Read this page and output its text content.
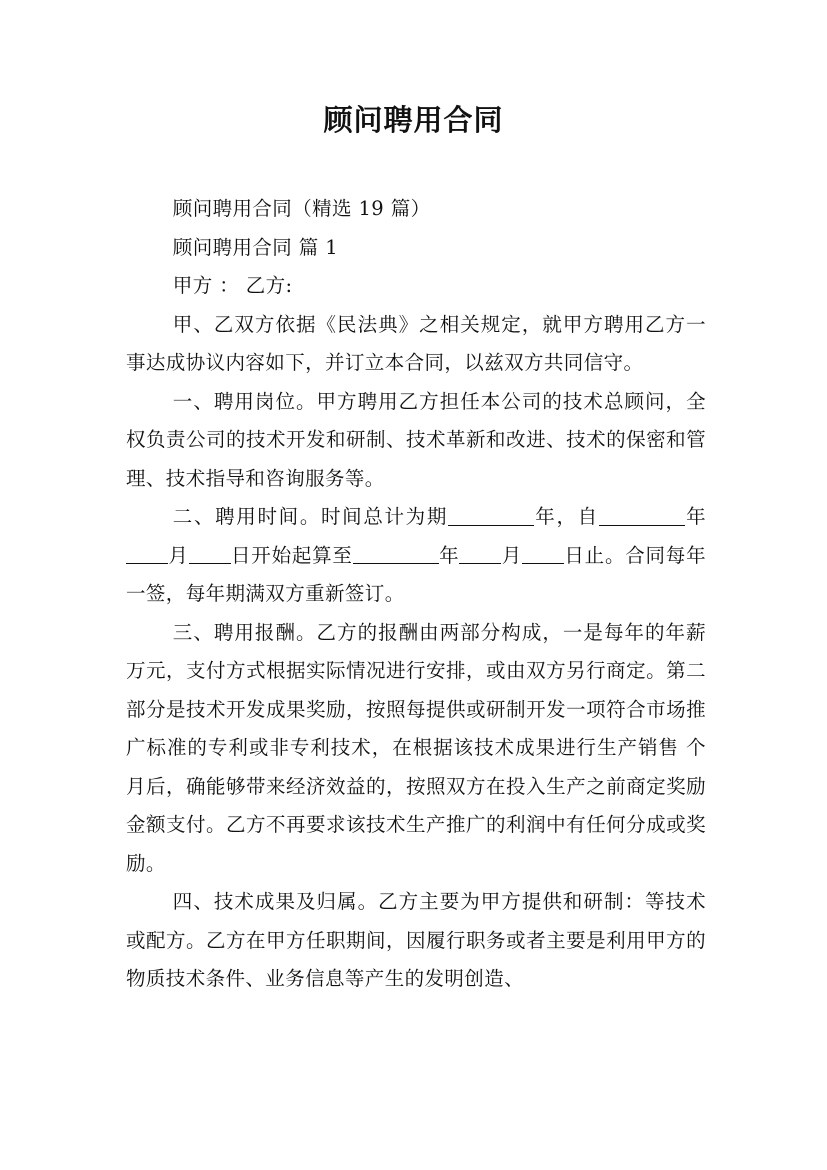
顾问聘用合同

顾问聘用合同（精选 19 篇）

顾问聘用合同 篇 1

甲方 ： 乙方:

甲、乙双方依据《民法典》之相关规定，就甲方聘用乙方一事达成协议内容如下，并订立本合同，以兹双方共同信守。

一、聘用岗位。甲方聘用乙方担任本公司的技术总顾问，全权负责公司的技术开发和研制、技术革新和改进、技术的保密和管理、技术指导和咨询服务等。

二、聘用时间。时间总计为期	年，自	年月 日开始起算至	年 月 日止。合同每年一签，每年期满双方重新签订。

三、聘用报酬。乙方的报酬由两部分构成，一是每年的年薪 万元，支付方式根据实际情况进行安排，或由双方另行商定。第二部分是技术开发成果奖励，按照每提供或研制开发一项符合市场推广标准的专利或非专利技术，在根据该技术成果进行生产销售 个月后，确能够带来经济效益的，按照双方在投入生产之前商定奖励金额支付。乙方不再要求该技术生产推广的利润中有任何分成或奖励。

四、技术成果及归属。乙方主要为甲方提供和研制：等技术或配方。乙方在甲方任职期间，因履行职务或者主要是利用甲方的物质技术条件、业务信息等产生的发明创造、
